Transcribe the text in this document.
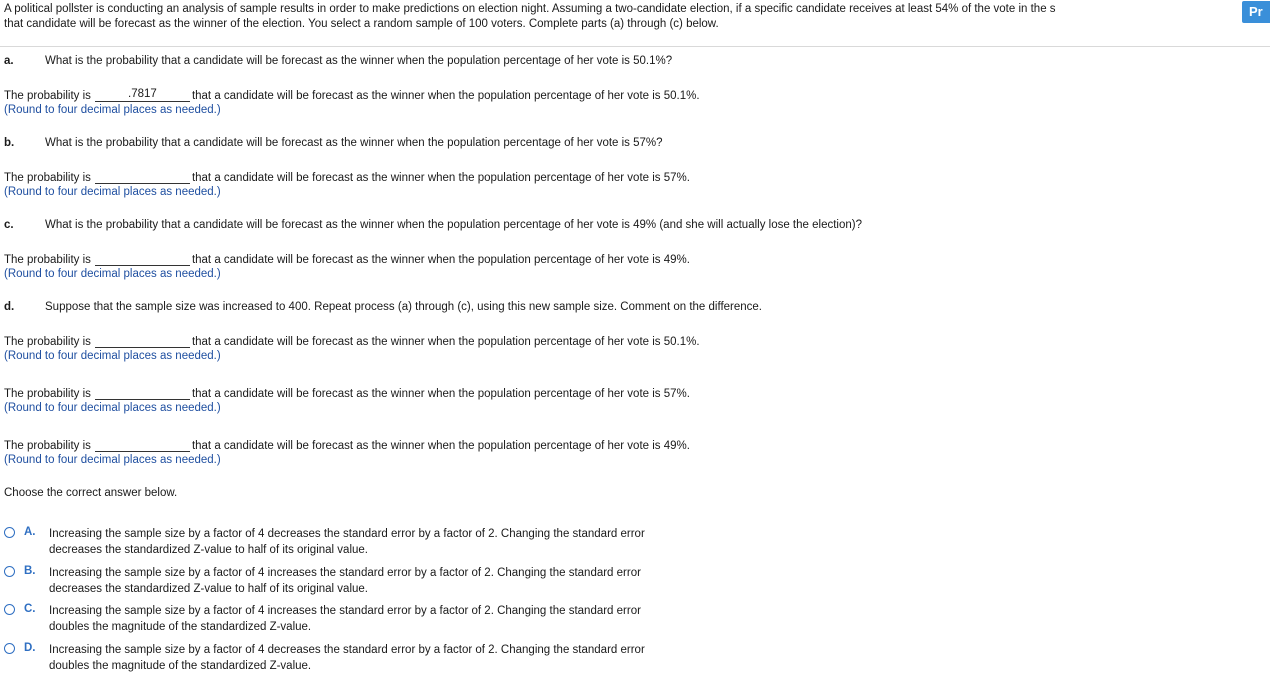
A political pollster is conducting an analysis of sample results in order to make predictions on election night. Assuming a two-candidate election, if a specific candidate receives at least 54% of the vote in the s
that candidate will be forecast as the winner of the election. You select a random sample of 100 voters. Complete parts (a) through (c) below.
Pr
a.	What is the probability that a candidate will be forecast as the winner when the population percentage of her vote is 50.1%?
The probability is	.7817	that a candidate will be forecast as the winner when the population percentage of her vote is 50.1%.
(Round to four decimal places as needed.)
b.	What is the probability that a candidate will be forecast as the winner when the population percentage of her vote is 57%?
The probability is	that a candidate will be forecast as the winner when the population percentage of her vote is 57%.
(Round to four decimal places as needed.)
c.	What is the probability that a candidate will be forecast as the winner when the population percentage of her vote is 49% (and she will actually lose the election)?
The probability is	that a candidate will be forecast as the winner when the population percentage of her vote is 49%.
(Round to four decimal places as needed.)
d.	Suppose that the sample size was increased to 400. Repeat process (a) through (c), using this new sample size. Comment on the difference.
The probability is	that a candidate will be forecast as the winner when the population percentage of her vote is 50.1%.
(Round to four decimal places as needed.)
The probability is	that a candidate will be forecast as the winner when the population percentage of her vote is 57%.
(Round to four decimal places as needed.)
The probability is	that a candidate will be forecast as the winner when the population percentage of her vote is 49%.
(Round to four decimal places as needed.)
Choose the correct answer below.
A. Increasing the sample size by a factor of 4 decreases the standard error by a factor of 2. Changing the standard error decreases the standardized Z-value to half of its original value.
B. Increasing the sample size by a factor of 4 increases the standard error by a factor of 2. Changing the standard error decreases the standardized Z-value to half of its original value.
C. Increasing the sample size by a factor of 4 increases the standard error by a factor of 2. Changing the standard error doubles the magnitude of the standardized Z-value.
D. Increasing the sample size by a factor of 4 decreases the standard error by a factor of 2. Changing the standard error doubles the magnitude of the standardized Z-value.
